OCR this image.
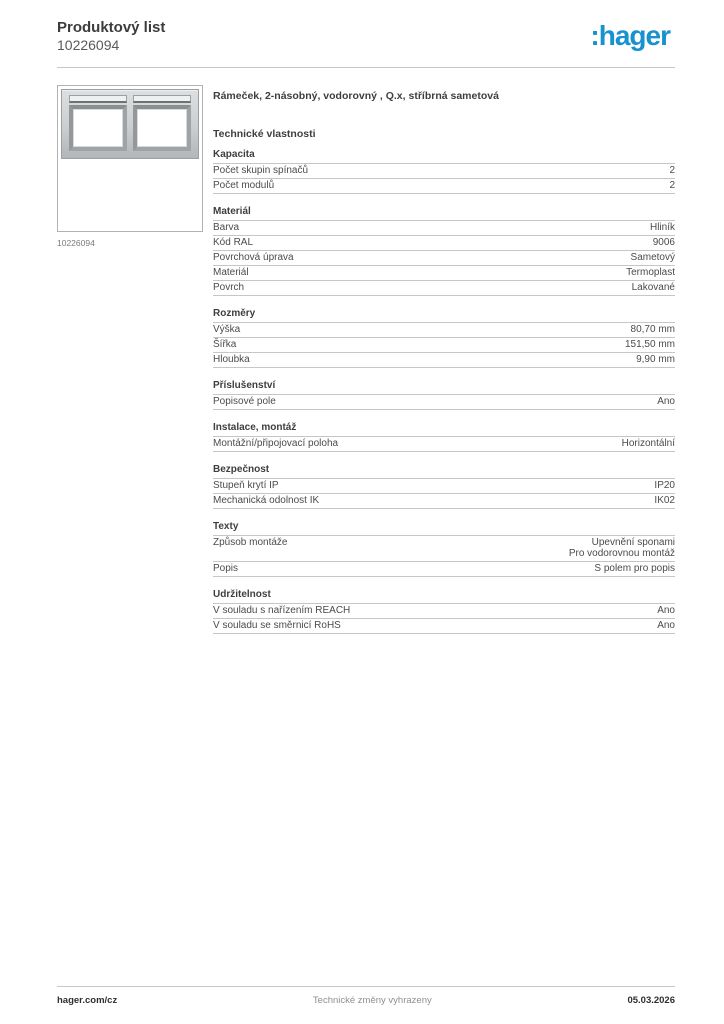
Produktový list
10226094	:hager
10226094
Rámeček, 2-násobný, vodorovný , Q.x, stříbrná sametová
Technické vlastnosti
Kapacita
Počet skupin spínačů	2
Počet modulů	2
Materiál
Barva	Hliník
Kód RAL	9006
Povrchová úprava	Sametový
Materiál	Termoplast
Povrch	Lakované
Rozměry
Výška	80,70 mm
Šířka	151,50 mm
Hloubka	9,90 mm
Příslušenství
Popisové pole	Ano
Instalace, montáž
Montážní/připojovací poloha	Horizontální
Bezpečnost
Stupeň krytí IP	IP20
Mechanická odolnost IK	IK02
Texty
Způsob montáže	Upevnění sponami
Pro vodorovnou montáž
Popis	S polem pro popis
Udržitelnost
V souladu s nařízením REACH	Ano
V souladu se směrnicí RoHS	Ano
hager.com/cz	Technické změny vyhrazeny	05.03.2026
